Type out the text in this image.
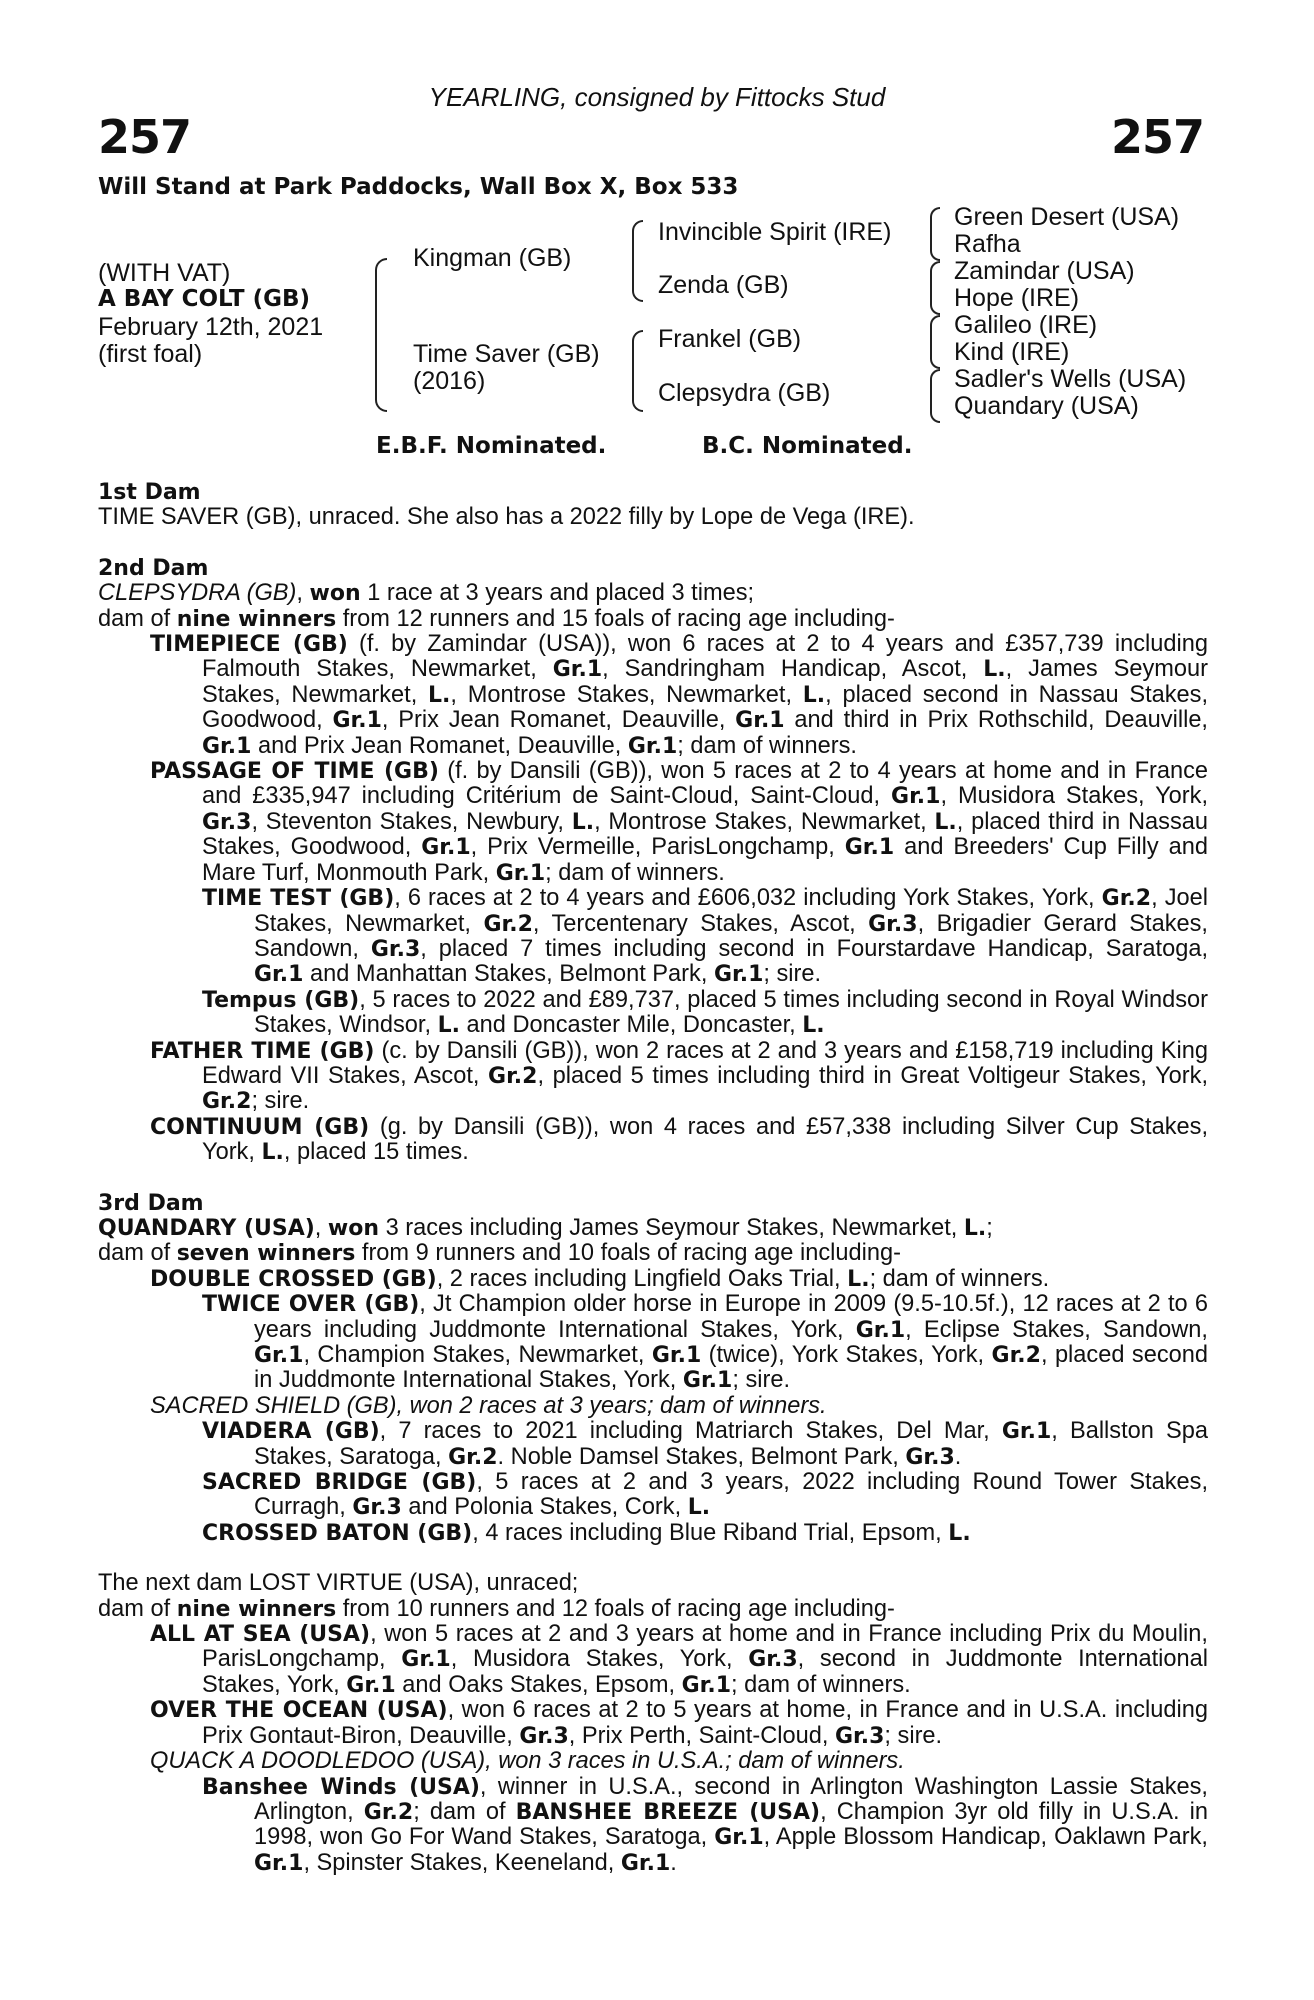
YEARLING, consigned by Fittocks Stud
257	257
Will Stand at Park Paddocks, Wall Box X, Box 533
(WITH VAT)
A BAY COLT (GB)
February 12th, 2021
(first foal)
Kingman (GB)
Time Saver (GB)
(2016)
Invincible Spirit (IRE)
Zenda (GB)
Frankel (GB)
Clepsydra (GB)
Green Desert (USA)
Rafha
Zamindar (USA)
Hope (IRE)
Galileo (IRE)
Kind (IRE)
Sadler's Wells (USA)
Quandary (USA)
E.B.F. Nominated.	B.C. Nominated.
1st Dam

TIME SAVER (GB), unraced. She also has a 2022 filly by Lope de Vega (IRE).

2nd Dam

CLEPSYDRA (GB), won 1 race at 3 years and placed 3 times;

dam of nine winners from 12 runners and 15 foals of racing age including-

TIMEPIECE (GB) (f. by Zamindar (USA)), won 6 races at 2 to 4 years and £357,739 including Falmouth Stakes, Newmarket, Gr.1, Sandringham Handicap, Ascot, L., James Seymour Stakes, Newmarket, L., Montrose Stakes, Newmarket, L., placed second in Nassau Stakes, Goodwood, Gr.1, Prix Jean Romanet, Deauville, Gr.1 and third in Prix Rothschild, Deauville, Gr.1 and Prix Jean Romanet, Deauville, Gr.1; dam of winners.

PASSAGE OF TIME (GB) (f. by Dansili (GB)), won 5 races at 2 to 4 years at home and in France and £335,947 including Critérium de Saint-Cloud, Saint-Cloud, Gr.1, Musidora Stakes, York, Gr.3, Steventon Stakes, Newbury, L., Montrose Stakes, Newmarket, L., placed third in Nassau Stakes, Goodwood, Gr.1, Prix Vermeille, ParisLongchamp, Gr.1 and Breeders' Cup Filly and Mare Turf, Monmouth Park, Gr.1; dam of winners.

TIME TEST (GB), 6 races at 2 to 4 years and £606,032 including York Stakes, York, Gr.2, Joel Stakes, Newmarket, Gr.2, Tercentenary Stakes, Ascot, Gr.3, Brigadier Gerard Stakes, Sandown, Gr.3, placed 7 times including second in Fourstardave Handicap, Saratoga, Gr.1 and Manhattan Stakes, Belmont Park, Gr.1; sire.

Tempus (GB), 5 races to 2022 and £89,737, placed 5 times including second in Royal Windsor Stakes, Windsor, L. and Doncaster Mile, Doncaster, L.

FATHER TIME (GB) (c. by Dansili (GB)), won 2 races at 2 and 3 years and £158,719 including King Edward VII Stakes, Ascot, Gr.2, placed 5 times including third in Great Voltigeur Stakes, York, Gr.2; sire.

CONTINUUM (GB) (g. by Dansili (GB)), won 4 races and £57,338 including Silver Cup Stakes, York, L., placed 15 times.

3rd Dam

QUANDARY (USA), won 3 races including James Seymour Stakes, Newmarket, L.;

dam of seven winners from 9 runners and 10 foals of racing age including-

DOUBLE CROSSED (GB), 2 races including Lingfield Oaks Trial, L.; dam of winners.

TWICE OVER (GB), Jt Champion older horse in Europe in 2009 (9.5-10.5f.), 12 races at 2 to 6 years including Juddmonte International Stakes, York, Gr.1, Eclipse Stakes, Sandown, Gr.1, Champion Stakes, Newmarket, Gr.1 (twice), York Stakes, York, Gr.2, placed second in Juddmonte International Stakes, York, Gr.1; sire.

SACRED SHIELD (GB), won 2 races at 3 years; dam of winners.

VIADERA (GB), 7 races to 2021 including Matriarch Stakes, Del Mar, Gr.1, Ballston Spa Stakes, Saratoga, Gr.2. Noble Damsel Stakes, Belmont Park, Gr.3.

SACRED BRIDGE (GB), 5 races at 2 and 3 years, 2022 including Round Tower Stakes, Curragh, Gr.3 and Polonia Stakes, Cork, L.

CROSSED BATON (GB), 4 races including Blue Riband Trial, Epsom, L.

The next dam LOST VIRTUE (USA), unraced;

dam of nine winners from 10 runners and 12 foals of racing age including-

ALL AT SEA (USA), won 5 races at 2 and 3 years at home and in France including Prix du Moulin, ParisLongchamp, Gr.1, Musidora Stakes, York, Gr.3, second in Juddmonte International Stakes, York, Gr.1 and Oaks Stakes, Epsom, Gr.1; dam of winners.

OVER THE OCEAN (USA), won 6 races at 2 to 5 years at home, in France and in U.S.A. including Prix Gontaut-Biron, Deauville, Gr.3, Prix Perth, Saint-Cloud, Gr.3; sire.

QUACK A DOODLEDOO (USA), won 3 races in U.S.A.; dam of winners.

Banshee Winds (USA), winner in U.S.A., second in Arlington Washington Lassie Stakes, Arlington, Gr.2; dam of BANSHEE BREEZE (USA), Champion 3yr old filly in U.S.A. in 1998, won Go For Wand Stakes, Saratoga, Gr.1, Apple Blossom Handicap, Oaklawn Park, Gr.1, Spinster Stakes, Keeneland, Gr.1.
